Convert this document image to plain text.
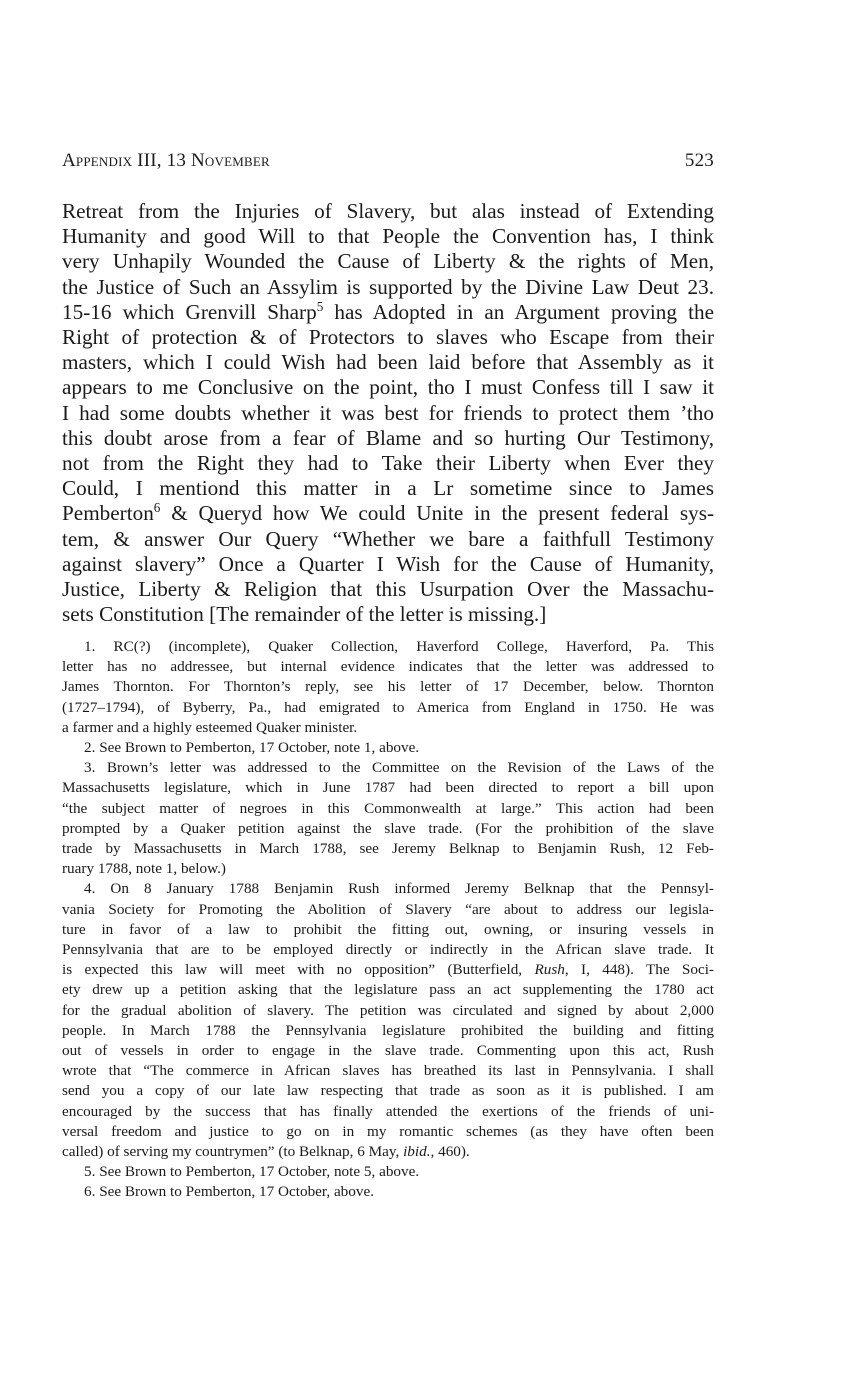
Appendix III, 13 November	523
Retreat from the Injuries of Slavery, but alas instead of Extending
Humanity and good Will to that People the Convention has, I think
very Unhapily Wounded the Cause of Liberty & the rights of Men,
the Justice of Such an Assylim is supported by the Divine Law Deut 23.
15-16 which Grenvill Sharp$^5$ has Adopted in an Argument proving the
Right of protection & of Protectors to slaves who Escape from their
masters, which I could Wish had been laid before that Assembly as it
appears to me Conclusive on the point, tho I must Confess till I saw it
I had some doubts whether it was best for friends to protect them ’tho
this doubt arose from a fear of Blame and so hurting Our Testimony,
not from the Right they had to Take their Liberty when Ever they
Could, I mentiond this matter in a Lr sometime since to James
Pemberton$^6$ & Queryd how We could Unite in the present federal sys-
tem, & answer Our Query “Whether we bare a faithfull Testimony
against slavery” Once a Quarter I Wish for the Cause of Humanity,
Justice, Liberty & Religion that this Usurpation Over the Massachu-
sets Constitution [The remainder of the letter is missing.]
1. RC(?) (incomplete), Quaker Collection, Haverford College, Haverford, Pa. This
letter has no addressee, but internal evidence indicates that the letter was addressed to
James Thornton. For Thornton’s reply, see his letter of 17 December, below. Thornton
(1727–1794), of Byberry, Pa., had emigrated to America from England in 1750. He was
a farmer and a highly esteemed Quaker minister.
2. See Brown to Pemberton, 17 October, note 1, above.
3. Brown’s letter was addressed to the Committee on the Revision of the Laws of the
Massachusetts legislature, which in June 1787 had been directed to report a bill upon
“the subject matter of negroes in this Commonwealth at large.” This action had been
prompted by a Quaker petition against the slave trade. (For the prohibition of the slave
trade by Massachusetts in March 1788, see Jeremy Belknap to Benjamin Rush, 12 Feb-
ruary 1788, note 1, below.)
4. On 8 January 1788 Benjamin Rush informed Jeremy Belknap that the Pennsyl-
vania Society for Promoting the Abolition of Slavery “are about to address our legisla-
ture in favor of a law to prohibit the fitting out, owning, or insuring vessels in
Pennsylvania that are to be employed directly or indirectly in the African slave trade. It
is expected this law will meet with no opposition” (Butterfield, Rush, I, 448). The Soci-
ety drew up a petition asking that the legislature pass an act supplementing the 1780 act
for the gradual abolition of slavery. The petition was circulated and signed by about 2,000
people. In March 1788 the Pennsylvania legislature prohibited the building and fitting
out of vessels in order to engage in the slave trade. Commenting upon this act, Rush
wrote that “The commerce in African slaves has breathed its last in Pennsylvania. I shall
send you a copy of our late law respecting that trade as soon as it is published. I am
encouraged by the success that has finally attended the exertions of the friends of uni-
versal freedom and justice to go on in my romantic schemes (as they have often been
called) of serving my countrymen” (to Belknap, 6 May, ibid., 460).
5. See Brown to Pemberton, 17 October, note 5, above.
6. See Brown to Pemberton, 17 October, above.
